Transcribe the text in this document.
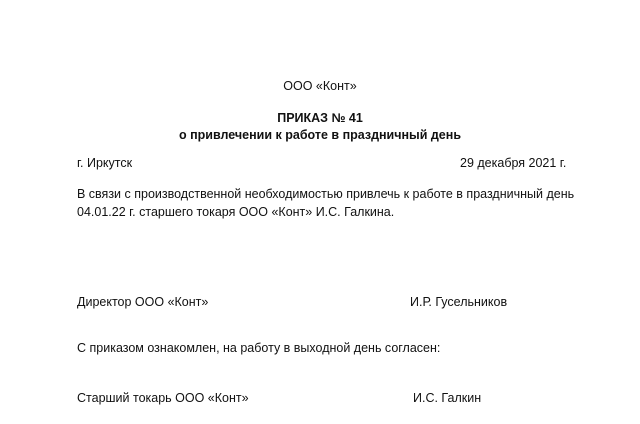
ООО «Конт»
ПРИКАЗ № 41
о привлечении к работе в праздничный день
г. Иркутск	29 декабря 2021 г.
В связи с производственной необходимостью привлечь к работе в праздничный день
04.01.22 г. старшего токаря ООО «Конт» И.С. Галкина.
Директор ООО «Конт»	И.Р. Гусельников
С приказом ознакомлен, на работу в выходной день согласен:
Старший токарь ООО «Конт»	И.С. Галкин
